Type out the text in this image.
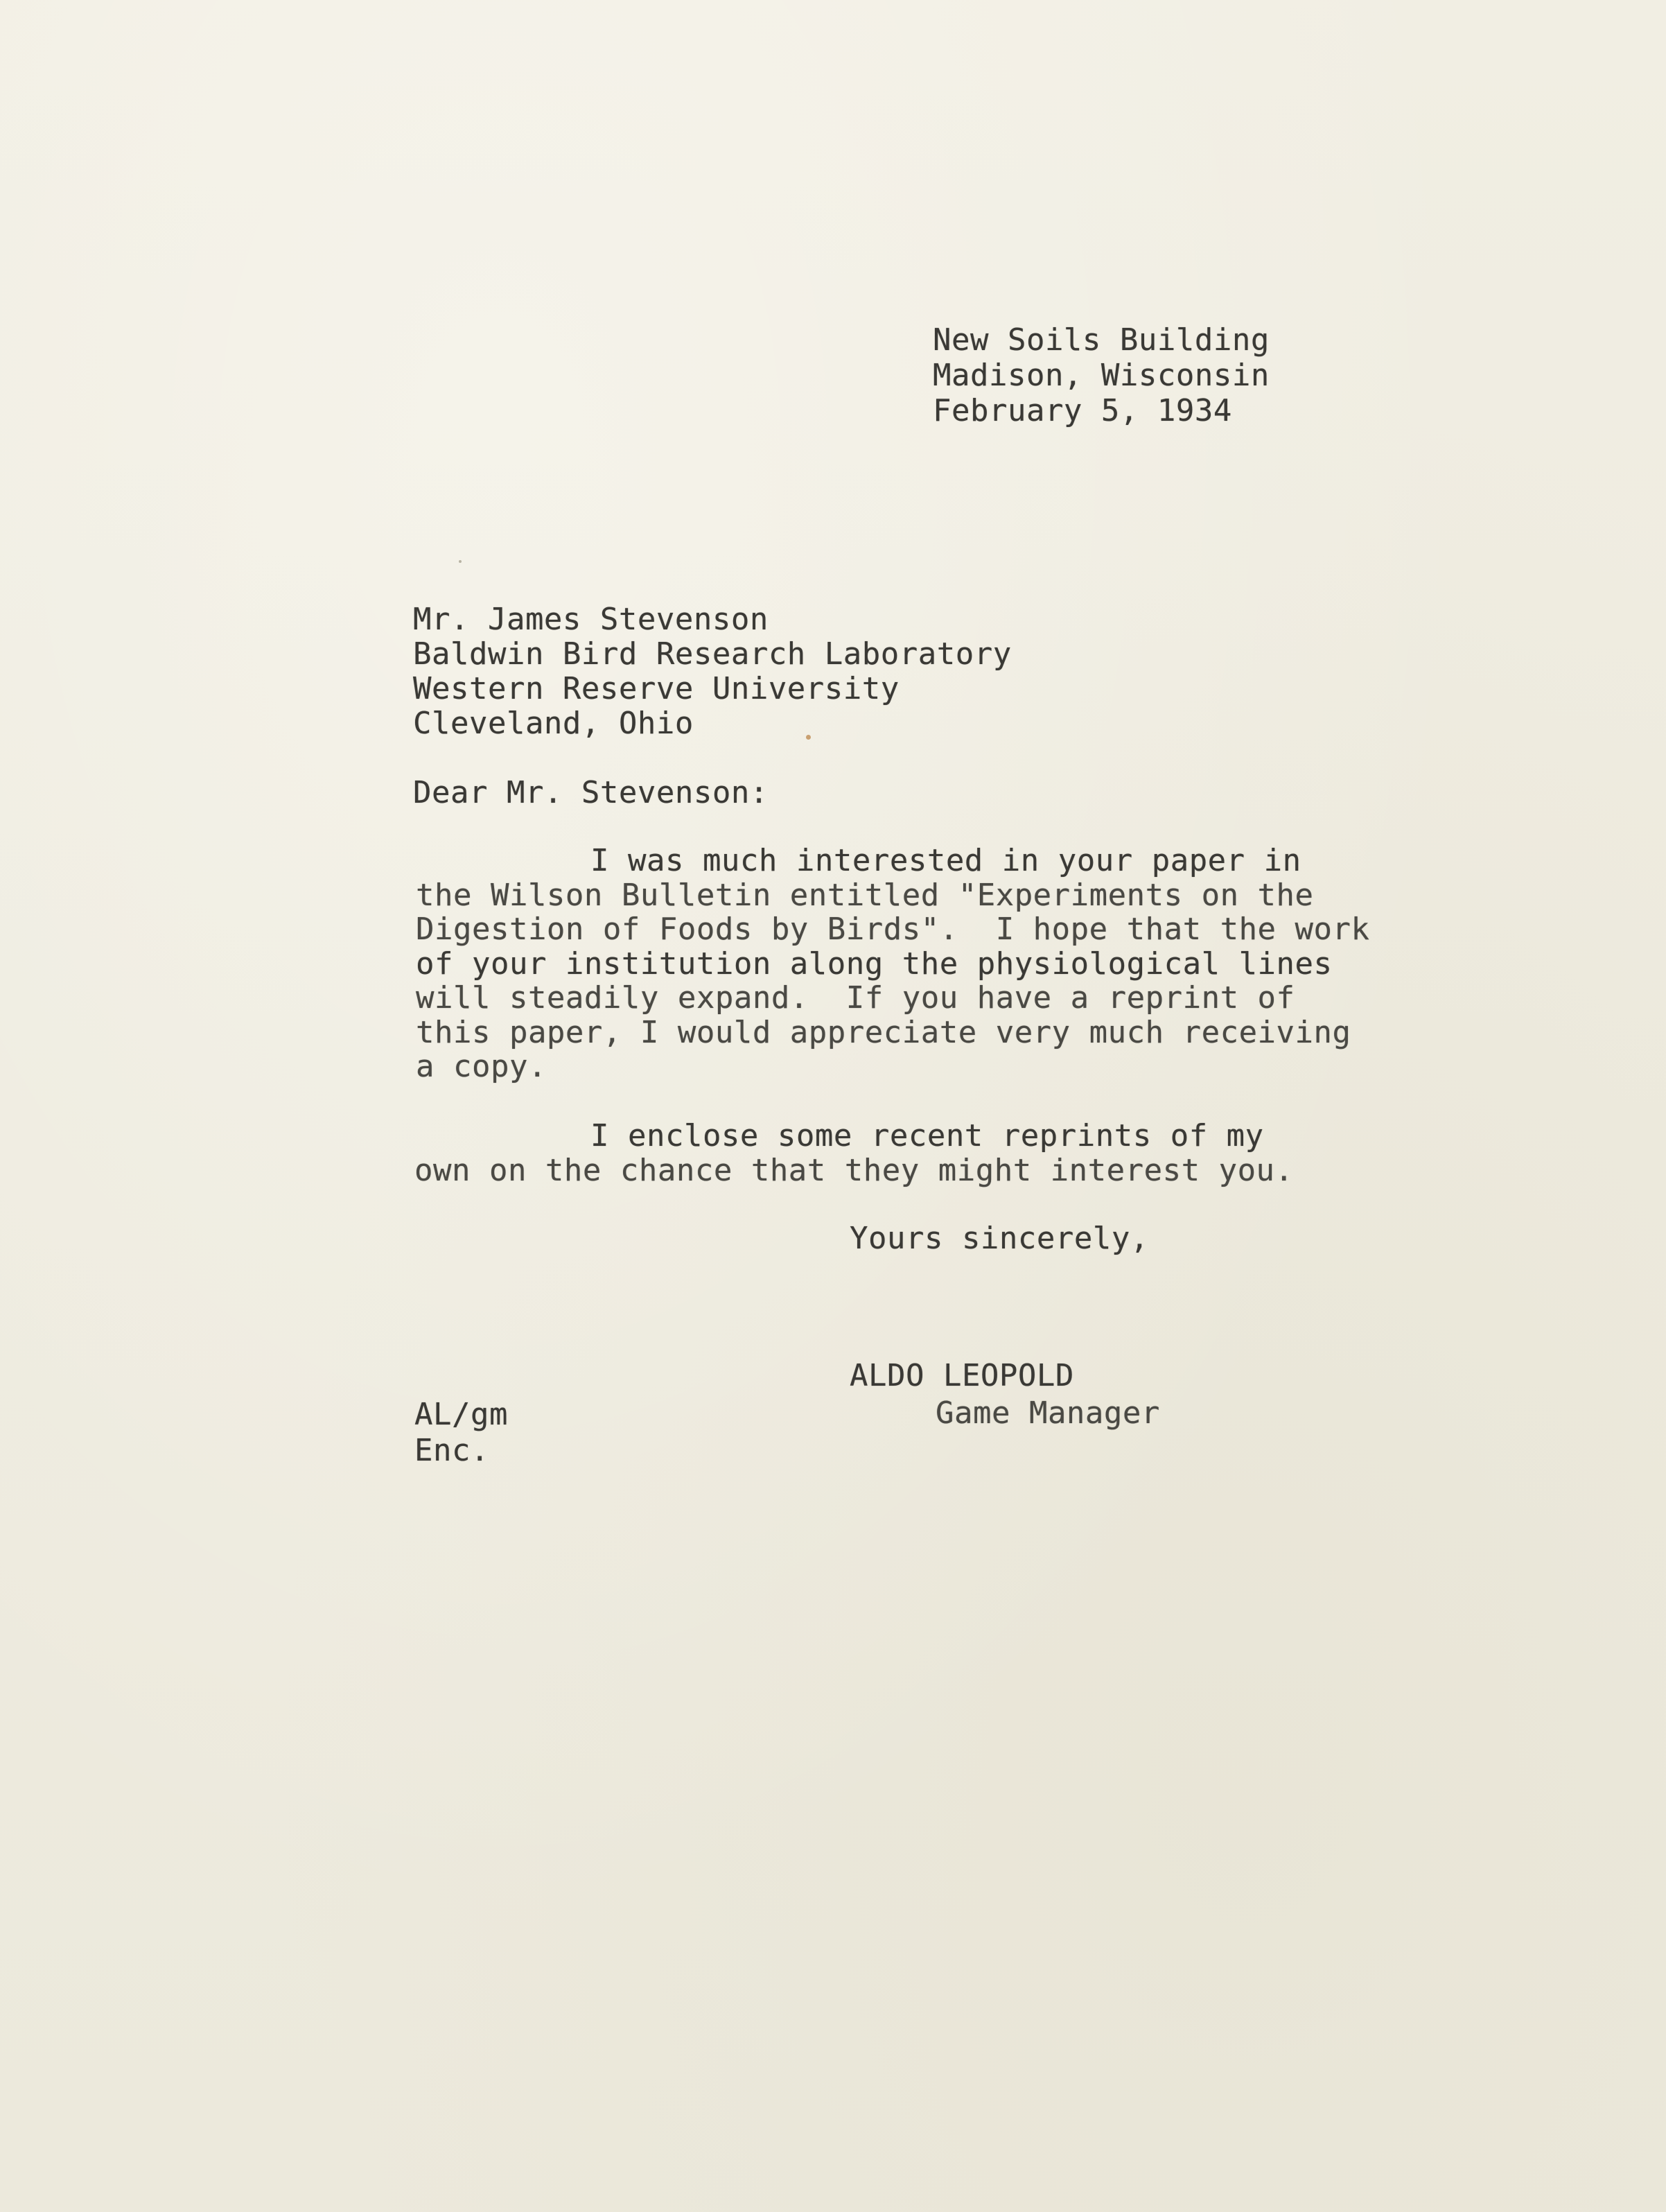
New Soils Building

Madison, Wisconsin

February 5, 1934

Mr. James Stevenson

Baldwin Bird Research Laboratory

Western Reserve University

Cleveland, Ohio

Dear Mr. Stevenson:

I was much interested in your paper in

the Wilson Bulletin entitled "Experiments on the

Digestion of Foods by Birds".  I hope that the work

of your institution along the physiological lines

will steadily expand.  If you have a reprint of

this paper, I would appreciate very much receiving

a copy.

I enclose some recent reprints of my

own on the chance that they might interest you.

Yours sincerely,

ALDO LEOPOLD

Game Manager

AL/gm

Enc.
